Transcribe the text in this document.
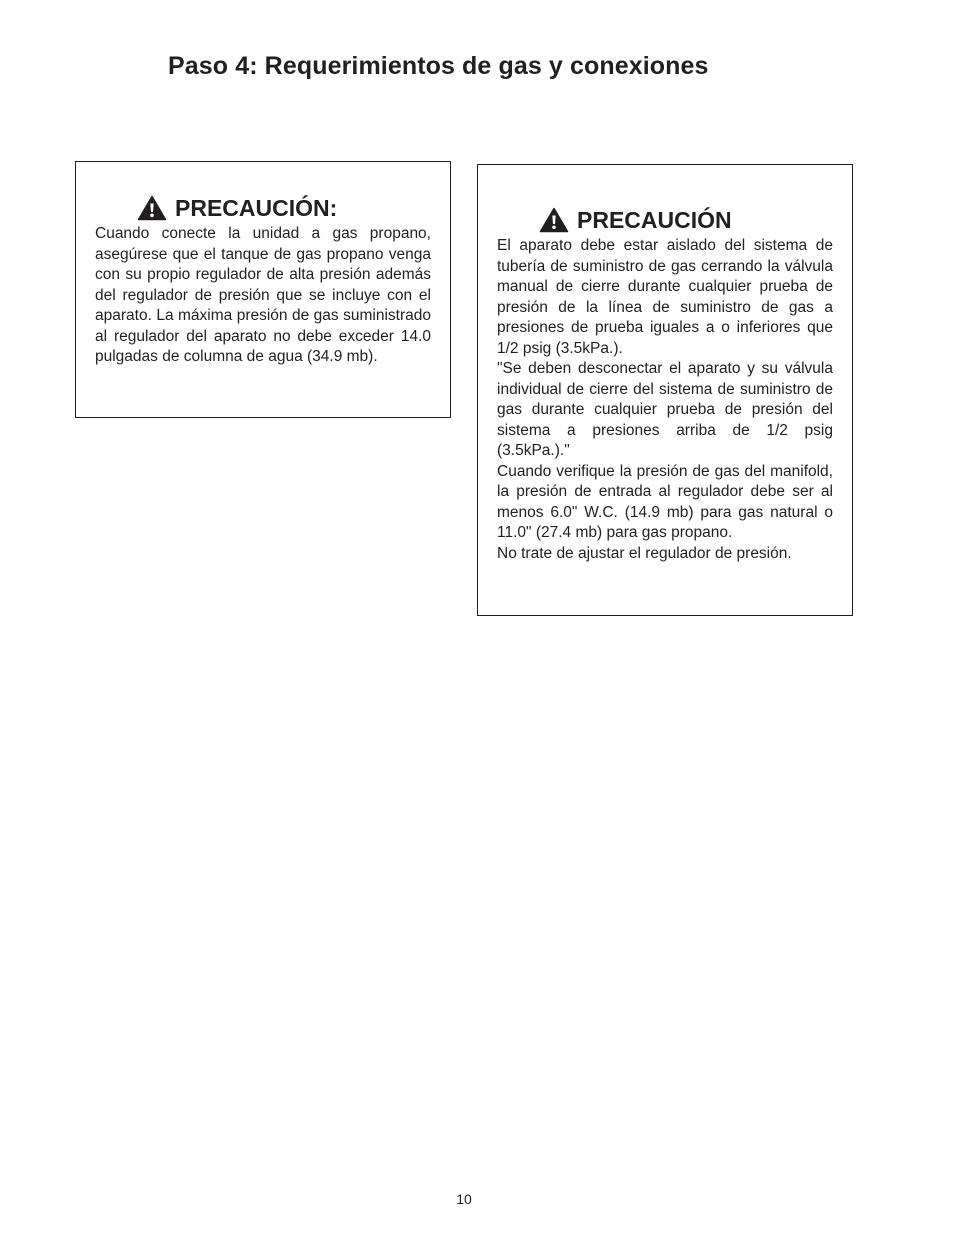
Paso 4: Requerimientos de gas y conexiones
PRECAUCIÓN:

Cuando conecte la unidad a gas propano, asegúrese que el tanque de gas propano venga con su propio regulador de alta presión además del regulador de presión que se incluye con el aparato. La máxima presión de gas suministrado al regulador del aparato no debe exceder 14.0 pulgadas de columna de agua (34.9 mb).

PRECAUCIÓN

El aparato debe estar aislado del sistema de tubería de suministro de gas cerrando la válvula manual de cierre durante cualquier prueba de presión de la línea de suministro de gas a presiones de prueba iguales a o inferiores que 1/2 psig (3.5kPa.).

"Se deben desconectar el aparato y su válvula individual de cierre del sistema de suministro de gas durante cualquier prueba de presión del sistema a presiones arriba de 1/2 psig (3.5kPa.)."

Cuando verifique la presión de gas del manifold, la presión de entrada al regulador debe ser al menos 6.0" W.C. (14.9 mb) para gas natural o 11.0" (27.4 mb) para gas propano.

No trate de ajustar el regulador de presión.

10
